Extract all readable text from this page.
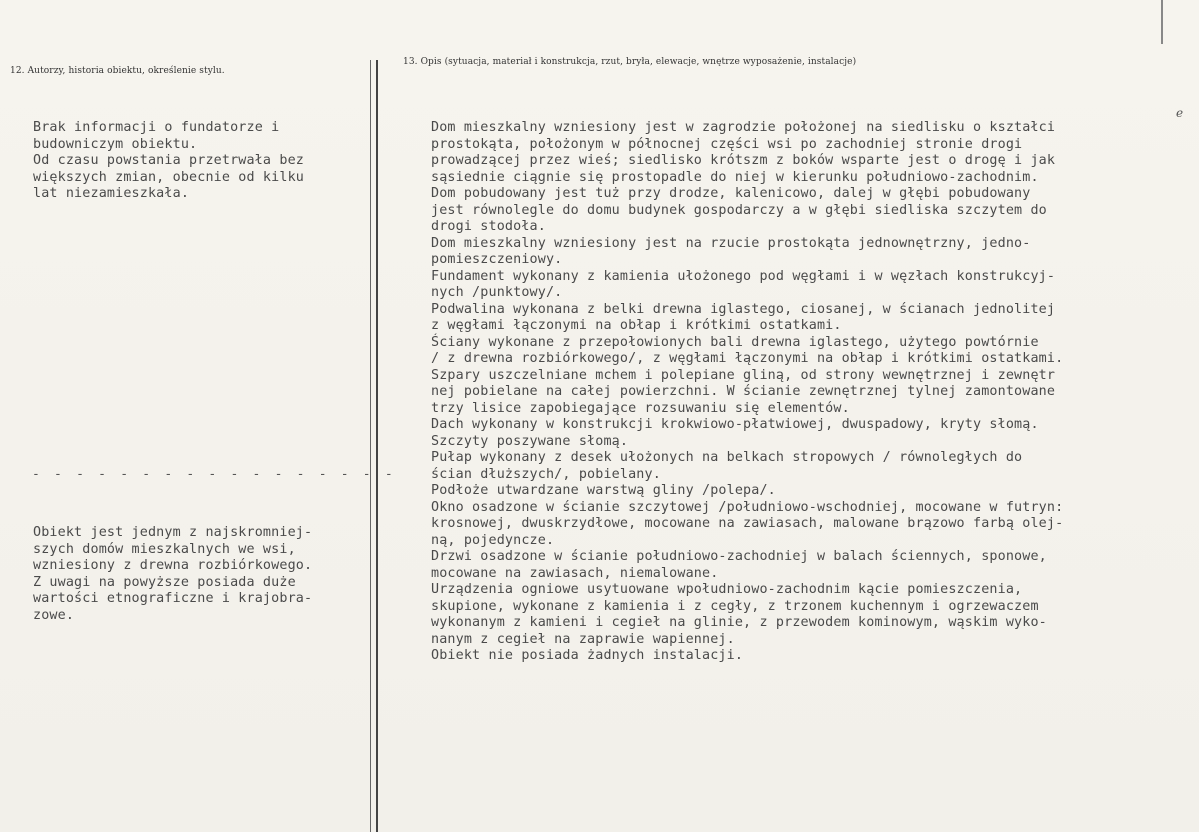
12. Autorzy, historia obiektu, określenie stylu.
13. Opis (sytuacja, materiał i konstrukcja, rzut, bryła, elewacje, wnętrze wyposażenie, instalacje)
Brak informacji o fundatorze i
budowniczym obiektu.
Od czasu powstania przetrwała bez
większych zmian, obecnie od kilku
lat niezamieszkała.
- - - - - - - - - - - - - - - - -
Obiekt jest jednym z najskromniej-
szych domów mieszkalnych we wsi,
wzniesiony z drewna rozbiórkowego.
Z uwagi na powyższe posiada duże
wartości etnograficzne i krajobra-
zowe.
Dom mieszkalny wzniesiony jest w zagrodzie położonej na siedlisku o kształci
prostokąta, położonym w północnej części wsi po zachodniej stronie drogi
prowadzącej przez wieś; siedlisko krótszm z boków wsparte jest o drogę i jak
sąsiednie ciągnie się prostopadle do niej w kierunku południowo-zachodnim.
Dom pobudowany jest tuż przy drodze, kalenicowo, dalej w głębi pobudowany
jest równolegle do domu budynek gospodarczy a w głębi siedliska szczytem do
drogi stodoła.
Dom mieszkalny wzniesiony jest na rzucie prostokąta jednownętrzny, jedno-
pomieszczeniowy.
Fundament wykonany z kamienia ułożonego pod węgłami i w węzłach konstrukcyj-
nych /punktowy/.
Podwalina wykonana z belki drewna iglastego, ciosanej, w ścianach jednolitej
z węgłami łączonymi na obłap i krótkimi ostatkami.
Ściany wykonane z przepołowionych bali drewna iglastego, użytego powtórnie
/ z drewna rozbiórkowego/, z węgłami łączonymi na obłap i krótkimi ostatkami.
Szpary uszczelniane mchem i polepiane gliną, od strony wewnętrznej i zewnętr
nej pobielane na całej powierzchni. W ścianie zewnętrznej tylnej zamontowane
trzy lisice zapobiegające rozsuwaniu się elementów.
Dach wykonany w konstrukcji krokwiowo-płatwiowej, dwuspadowy, kryty słomą.
Szczyty poszywane słomą.
Pułap wykonany z desek ułożonych na belkach stropowych / równoległych do
ścian dłuższych/, pobielany.
Podłoże utwardzane warstwą gliny /polepa/.
Okno osadzone w ścianie szczytowej /południowo-wschodniej, mocowane w futryn:
krosnowej, dwuskrzydłowe, mocowane na zawiasach, malowane brązowo farbą olej-
ną, pojedyncze.
Drzwi osadzone w ścianie południowo-zachodniej w balach ściennych, sponowe,
mocowane na zawiasach, niemalowane.
Urządzenia ogniowe usytuowane wpołudniowo-zachodnim kącie pomieszczenia,
skupione, wykonane z kamienia i z cegły, z trzonem kuchennym i ogrzewaczem
wykonanym z kamieni i cegieł na glinie, z przewodem kominowym, wąskim wyko-
nanym z cegieł na zaprawie wapiennej.
Obiekt nie posiada żadnych instalacji.
e
